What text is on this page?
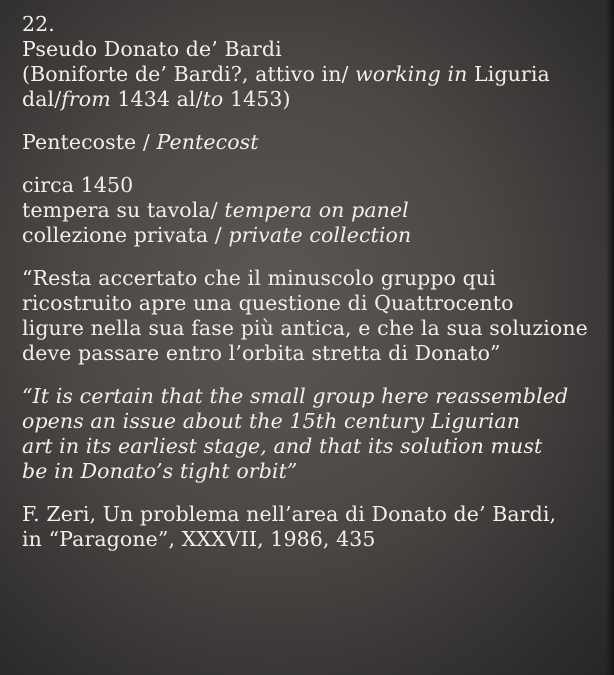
22.
Pseudo Donato de’ Bardi
(Boniforte de’ Bardi?, attivo in/ working in Liguria
dal/from 1434 al/to 1453)
Pentecoste / Pentecost
circa 1450
tempera su tavola/ tempera on panel
collezione privata / private collection
“Resta accertato che il minuscolo gruppo qui
ricostruito apre una questione di Quattrocento
ligure nella sua fase più antica, e che la sua soluzione
deve passare entro l’orbita stretta di Donato”
“It is certain that the small group here reassembled
opens an issue about the 15th century Ligurian
art in its earliest stage, and that its solution must
be in Donato’s tight orbit”
F. Zeri, Un problema nell’area di Donato de’ Bardi,
in “Paragone”, XXXVII, 1986, 435
